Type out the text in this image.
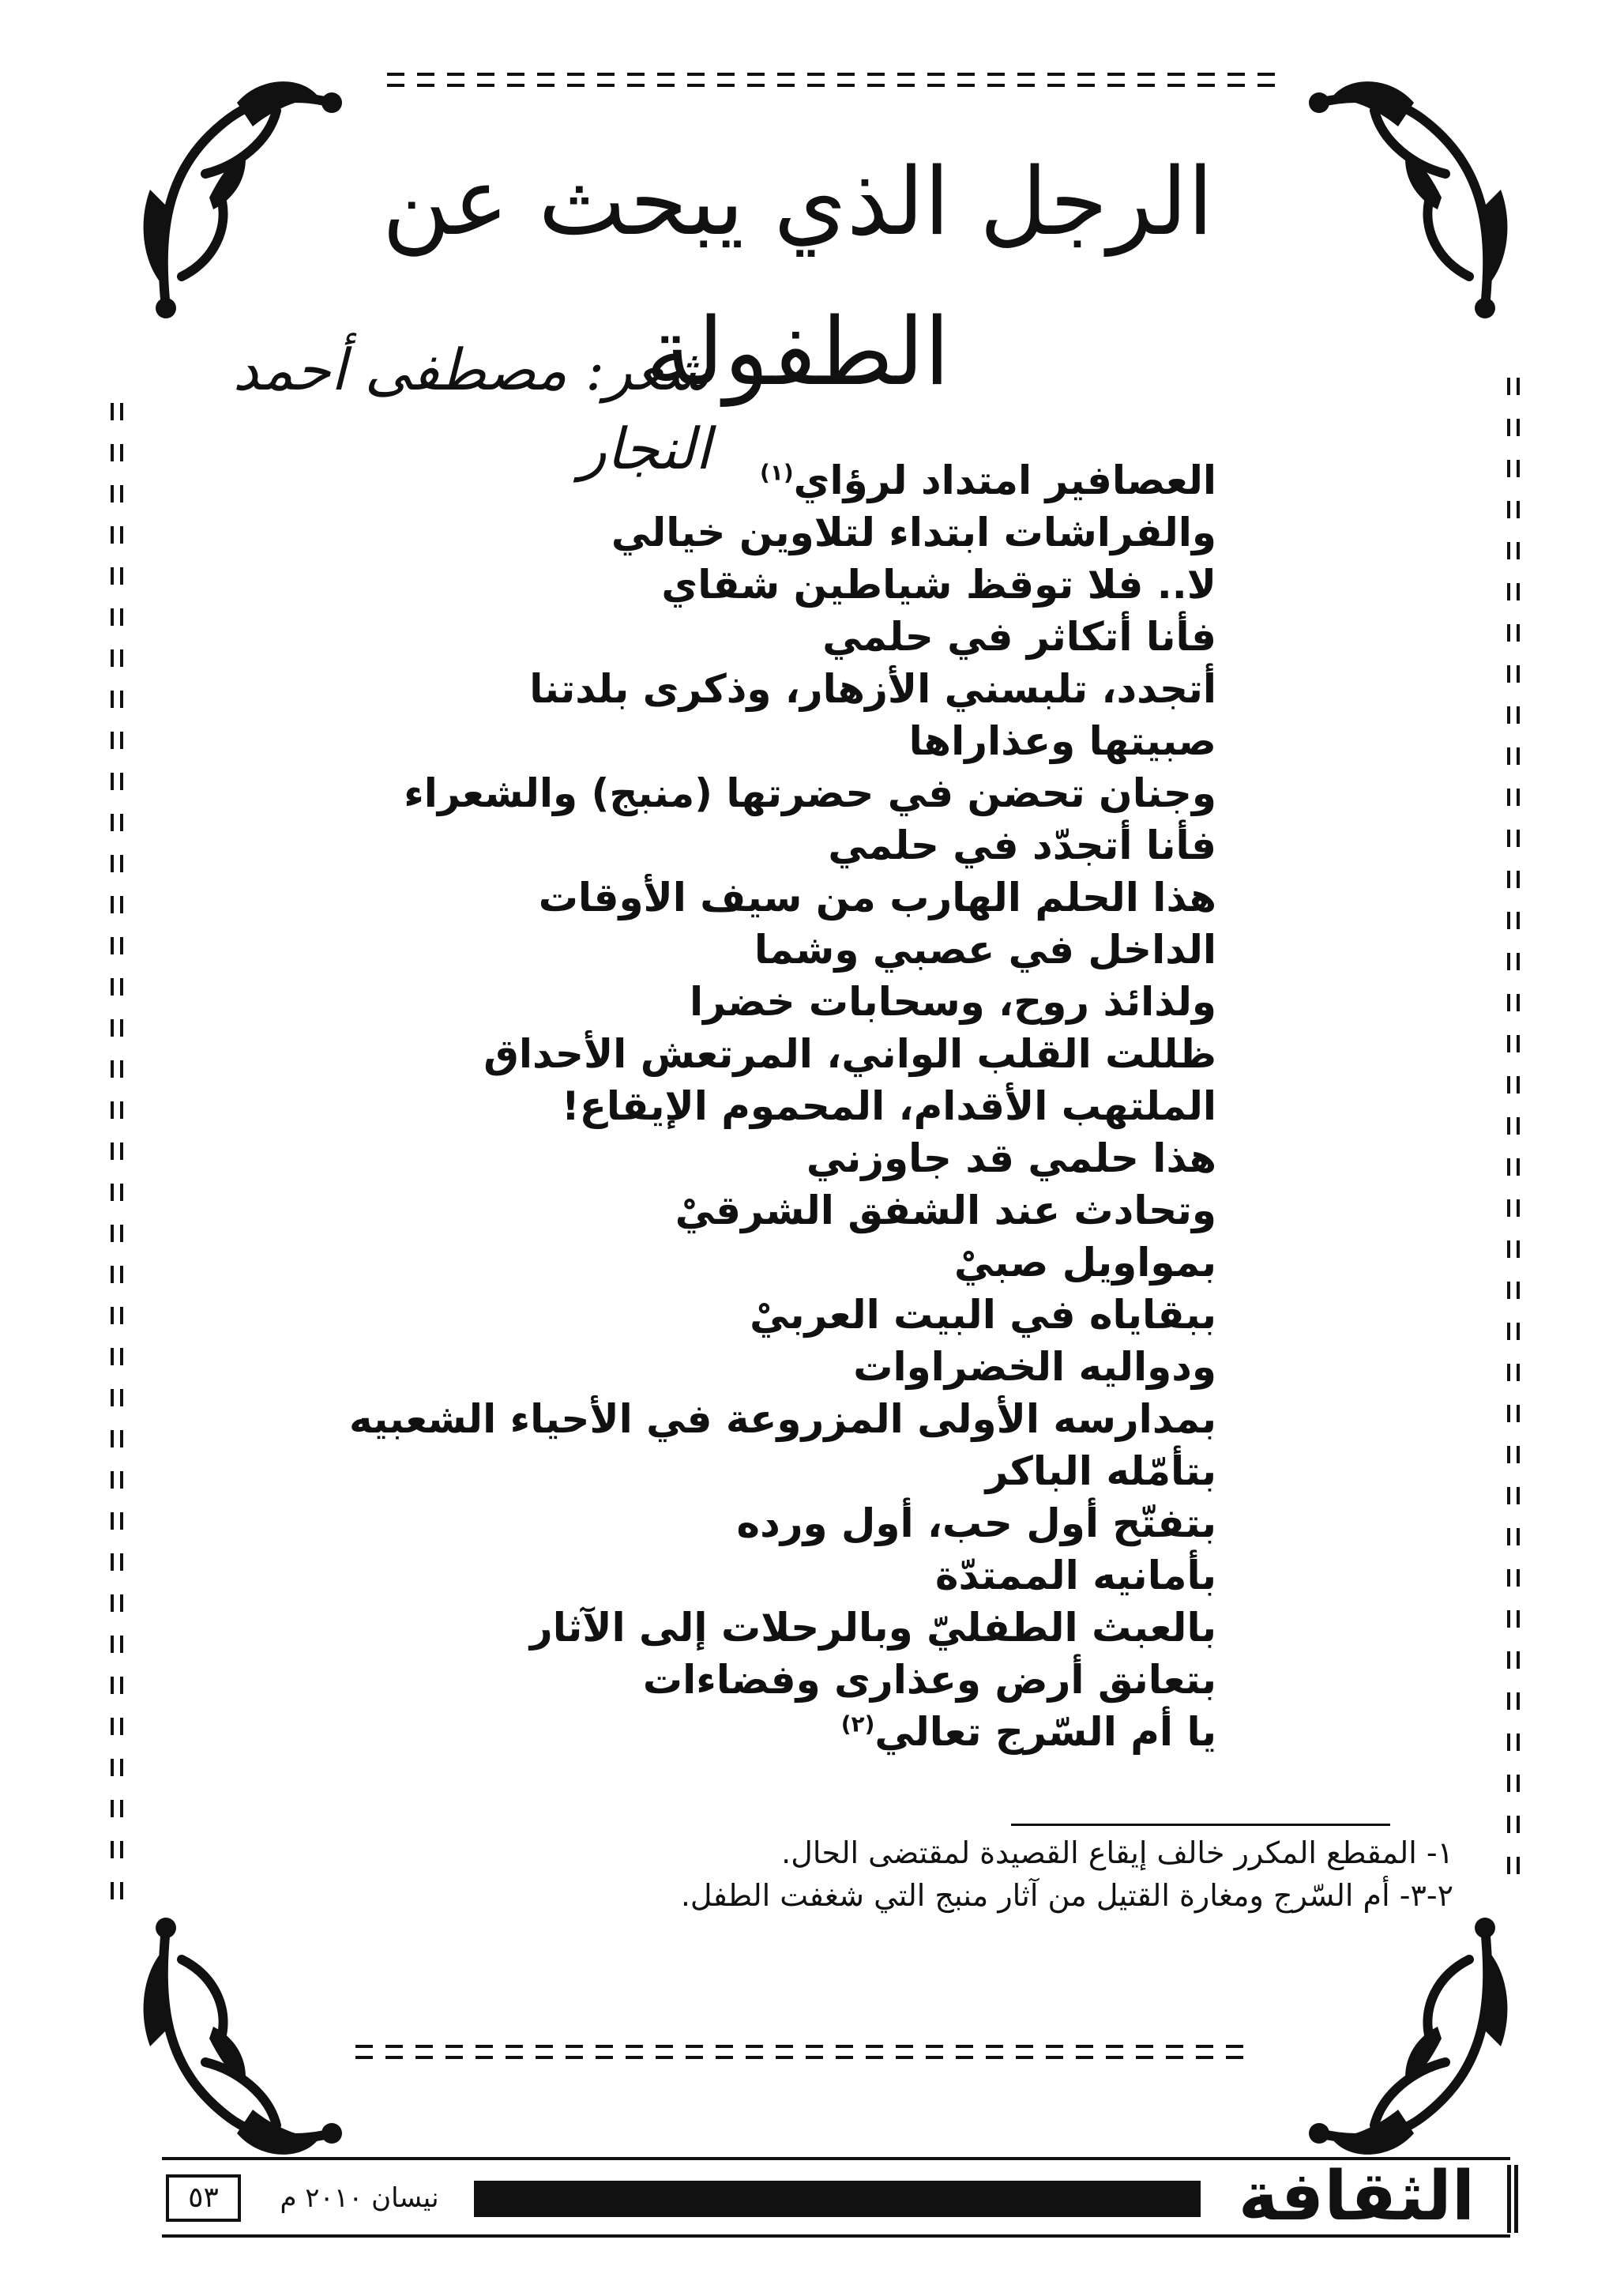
الرجل الذي يبحث عن الطفولة
شعر: مصطفى أحمد النجار	العصافير امتداد لرؤاي$^{(١)}$
والفراشات ابتداء لتلاوين خيالي
لا.. فلا توقظ شياطين شقاي
فأنا أتكاثر في حلمي
أتجدد، تلبسني الأزهار، وذكرى بلدتنا
صبيتها وعذاراها
وجنان تحضن في حضرتها (منبج) والشعراء
فأنا أتجدّد في حلمي
هذا الحلم الهارب من سيف الأوقات
الداخل في عصبي وشما
ولذائذ روح، وسحابات خضرا
ظللت القلب الواني، المرتعش الأحداق
الملتهب الأقدام، المحموم الإيقاع!
هذا حلمي قد جاوزني
وتحادث عند الشفق الشرقيْ
بمواويل صبيْ
ببقاياه في البيت العربيْ
ودواليه الخضراوات
بمدارسه الأولى المزروعة في الأحياء الشعبيه
بتأمّله الباكر
بتفتّح أول حب، أول ورده
بأمانيه الممتدّة
بالعبث الطفليّ وبالرحلات إلى الآثار
بتعانق أرض وعذارى وفضاءات
يا أم السّرج تعالي$^{(٢)}$
١- المقطع المكرر خالف إيقاع القصيدة لمقتضى الحال.
٢-٣- أم السّرج ومغارة القتيل من آثار منبج التي شغفت الطفل.
٥٣	نيسان ٢٠١٠ م	الثقافة
